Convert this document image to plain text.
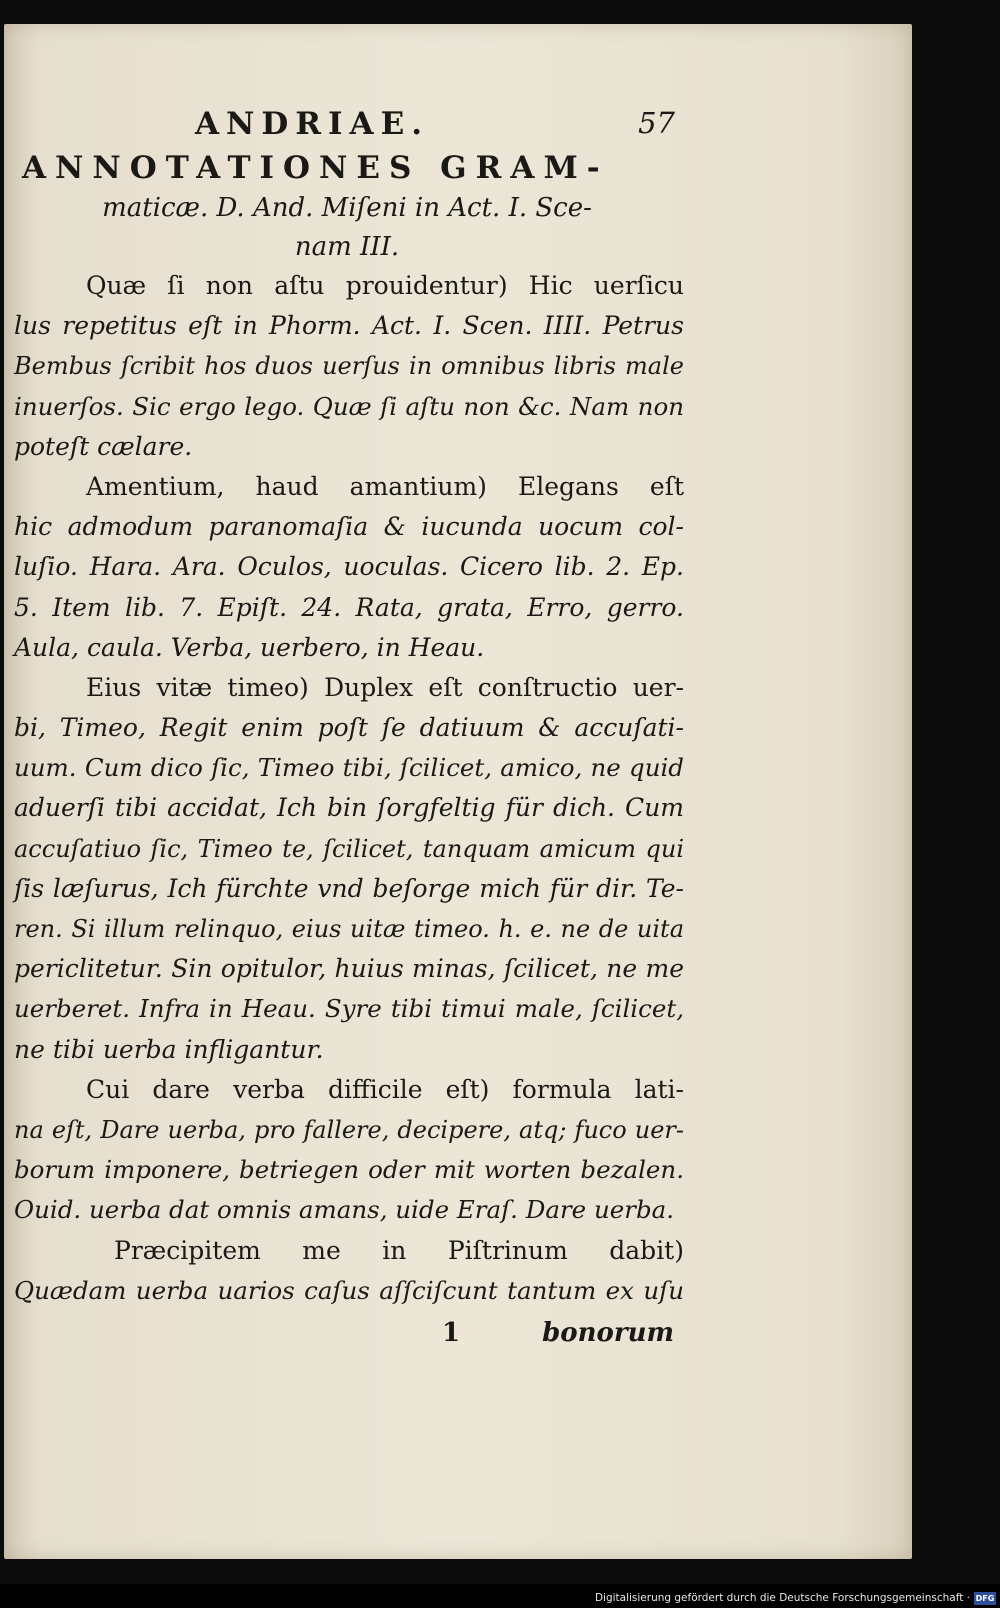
ANDRIAE.	57
ANNOTATIONES GRAM-
maticæ. D. And. Miſeni in Act. I. Sce-
nam III.
Quæ ſi non aſtu prouidentur) Hic uerſicu
lus repetitus eſt in Phorm. Act. I. Scen. IIII. Petrus
Bembus ſcribit hos duos uerſus in omnibus libris male
inuerſos. Sic ergo lego. Quæ ſi aſtu non &c. Nam non
poteſt cælare.
Amentium, haud amantium) Elegans eſt
hic admodum paranomaſia & iucunda uocum col-
luſio. Hara. Ara. Oculos, uoculas. Cicero lib. 2. Ep.
5. Item lib. 7. Epiſt. 24. Rata, grata, Erro, gerro.
Aula, caula. Verba, uerbero, in Heau.
Eius vitæ timeo) Duplex eſt conſtructio uer-
bi, Timeo, Regit enim poſt ſe datiuum & accuſati-
uum. Cum dico ſic, Timeo tibi, ſcilicet, amico, ne quid
aduerſi tibi accidat, Ich bin ſorgfeltig für dich. Cum
accuſatiuo ſic, Timeo te, ſcilicet, tanquam amicum qui
ſis læſurus, Ich fürchte vnd beſorge mich für dir. Te-
ren. Si illum relinquo, eius uitæ timeo. h. e. ne de uita
periclitetur. Sin opitulor, huius minas, ſcilicet, ne me
uerberet. Infra in Heau. Syre tibi timui male, ſcilicet,
ne tibi uerba infligantur.
Cui dare verba difficile eſt) formula lati-
na eſt, Dare uerba, pro fallere, decipere, atq; fuco uer-
borum imponere, betriegen oder mit worten bezalen.
Ouid. uerba dat omnis amans, uide Eraſ. Dare uerba.
Præcipitem me in Piſtrinum dabit)
Quædam uerba uarios caſus aſſciſcunt tantum ex uſu
1	bonorum
Digitalisierung gefördert durch die Deutsche Forschungsgemeinschaft · DFG
